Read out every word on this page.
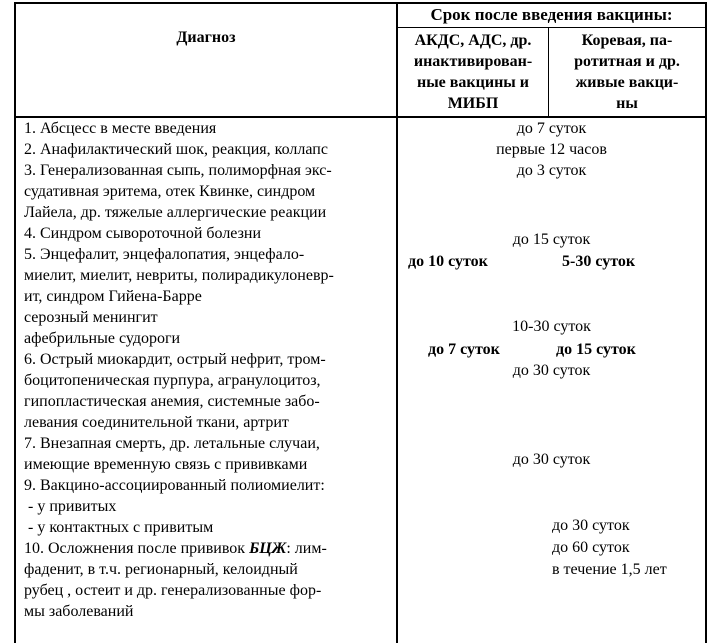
Диагноз
Срок после введения вакцины:
АКДС, АДС, др.
инактивирован-
ные вакцины и
МИБП
Коревая, па-
ротитная и др.
живые вакци-
ны
1. Абсцесс в месте введения
2. Анафилактический шок, реакция, коллапс
3. Генерализованная сыпь, полиморфная экс-
судативная эритема, отек Квинке, синдром
Лайела, др. тяжелые аллергические реакции
4. Синдром сывороточной болезни
5. Энцефалит, энцефалопатия, энцефало-
миелит, миелит, невриты, полирадикулоневр-
ит, синдром Гийена-Барре
серозный менингит
афебрильные судороги
6. Острый миокардит, острый нефрит, тром-
боцитопеническая пурпура, агранулоцитоз,
гипопластическая анемия, системные забо-
левания соединительной ткани, артрит
7. Внезапная смерть, др. летальные случаи,
имеющие временную связь с прививками
9. Вакцино-ассоциированный полиомиелит:
- у привитых
- у контактных с привитым
10. Осложнения после прививок БЦЖ: лим-
фаденит, в т.ч. регионарный, келоидный
рубец , остеит и др. генерализованные фор-
мы заболеваний
до 7 суток
первые 12 часов
до 3 суток
до 15 суток
до 10 суток	5-30 суток
10-30 суток
до 7 суток	до 15 суток
до 30 суток
до 30 суток
до 30 суток
до 60 суток
в течение 1,5 лет
